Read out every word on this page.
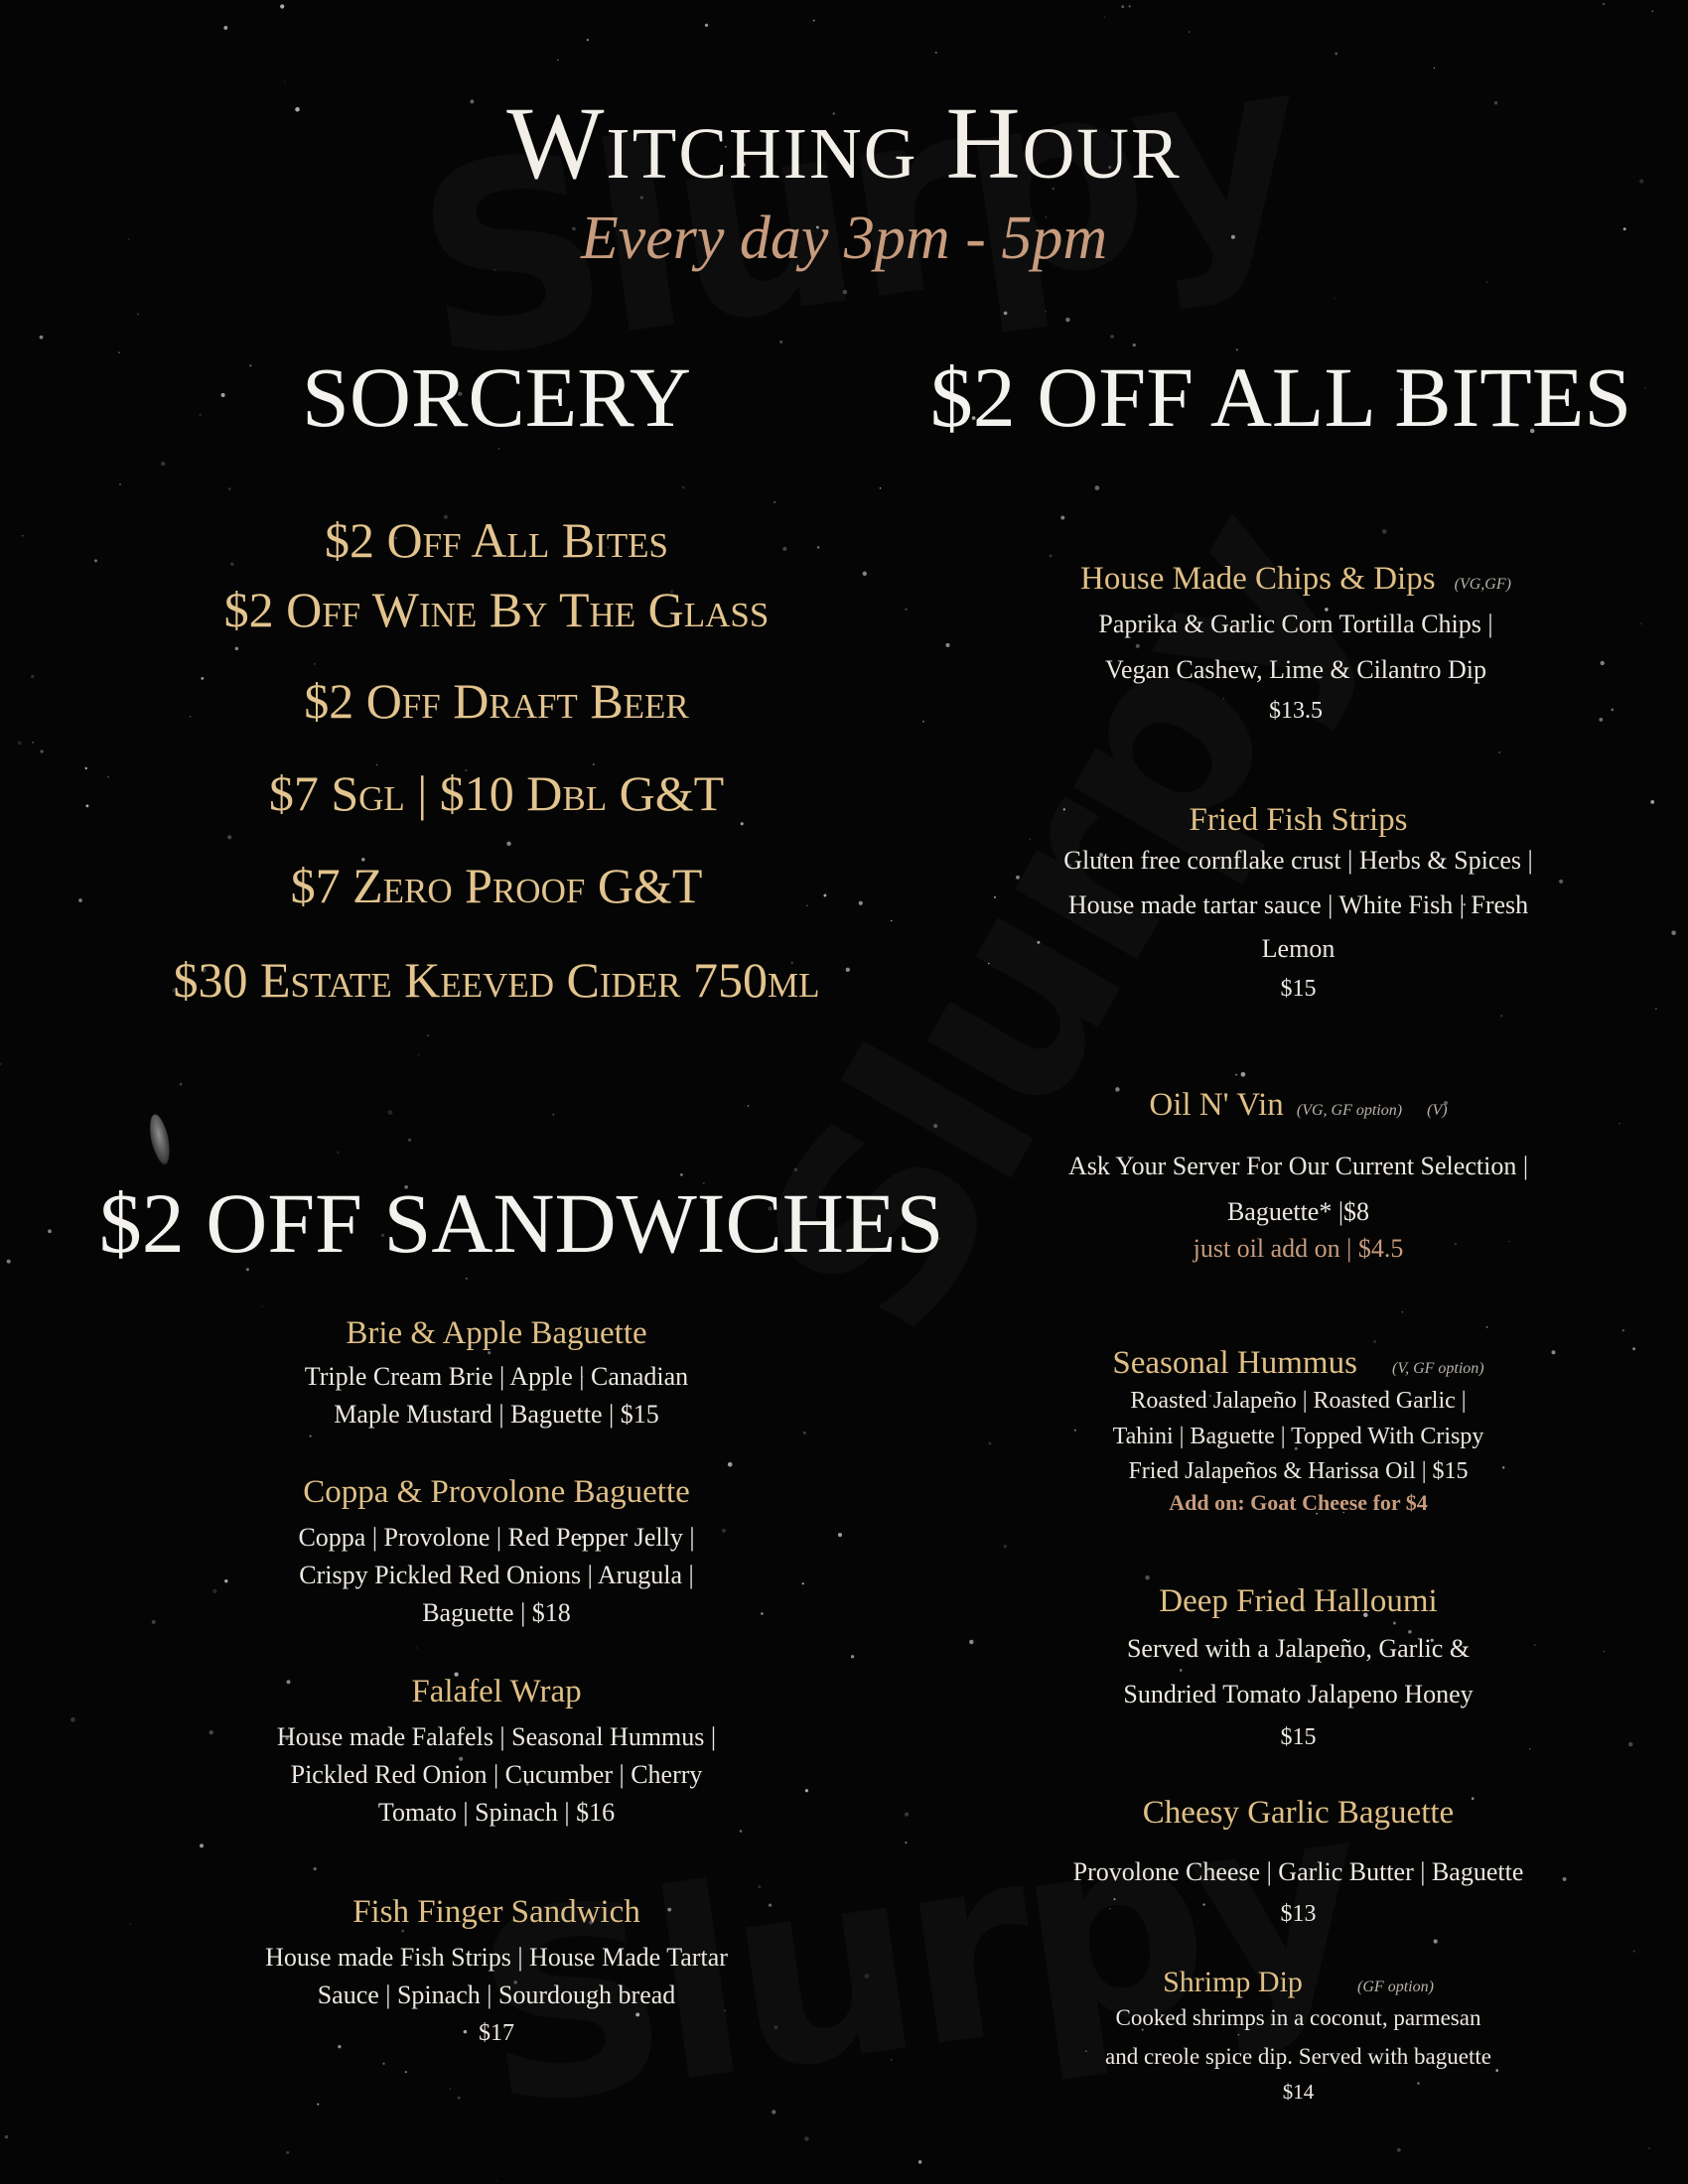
Witching Hour
Every day 3pm - 5pm
SORCERY
$2 Off All Bites
$2 Off Wine By The Glass
$2 Off Draft Beer
$7 Sgl | $10 Dbl G&T
$7 Zero Proof G&T
$30 Estate Keeved Cider 750ml
$2 OFF SANDWICHES
Brie & Apple Baguette
Triple Cream Brie | Apple | Canadian
Maple Mustard | Baguette | $15
Coppa & Provolone Baguette
Coppa | Provolone | Red Pepper Jelly |
Crispy Pickled Red Onions | Arugula |
Baguette | $18
Falafel Wrap
House made Falafels | Seasonal Hummus |
Pickled Red Onion | Cucumber | Cherry
Tomato | Spinach | $16
Fish Finger Sandwich
House made Fish Strips | House Made Tartar
Sauce | Spinach | Sourdough bread
$17
$2 OFF ALL BITES
House Made Chips & Dips (VG,GF)
Paprika & Garlic Corn Tortilla Chips |
Vegan Cashew, Lime & Cilantro Dip
$13.5
Fried Fish Strips
Gluten free cornflake crust | Herbs & Spices |
House made tartar sauce | White Fish | Fresh
Lemon
$15
Oil N' Vin (VG, GF option) (V)
Ask Your Server For Our Current Selection |
Baguette* |$8
just oil add on | $4.5
Seasonal Hummus (V, GF option)
Roasted Jalapeño | Roasted Garlic |
Tahini | Baguette | Topped With Crispy
Fried Jalapeños & Harissa Oil | $15
Add on: Goat Cheese for $4
Deep Fried Halloumi
Served with a Jalapeño, Garlic &
Sundried Tomato Jalapeno Honey
$15
Cheesy Garlic Baguette
Provolone Cheese | Garlic Butter | Baguette
$13
Shrimp Dip	(GF option)
Cooked shrimps in a coconut, parmesan
and creole spice dip. Served with baguette
$14
